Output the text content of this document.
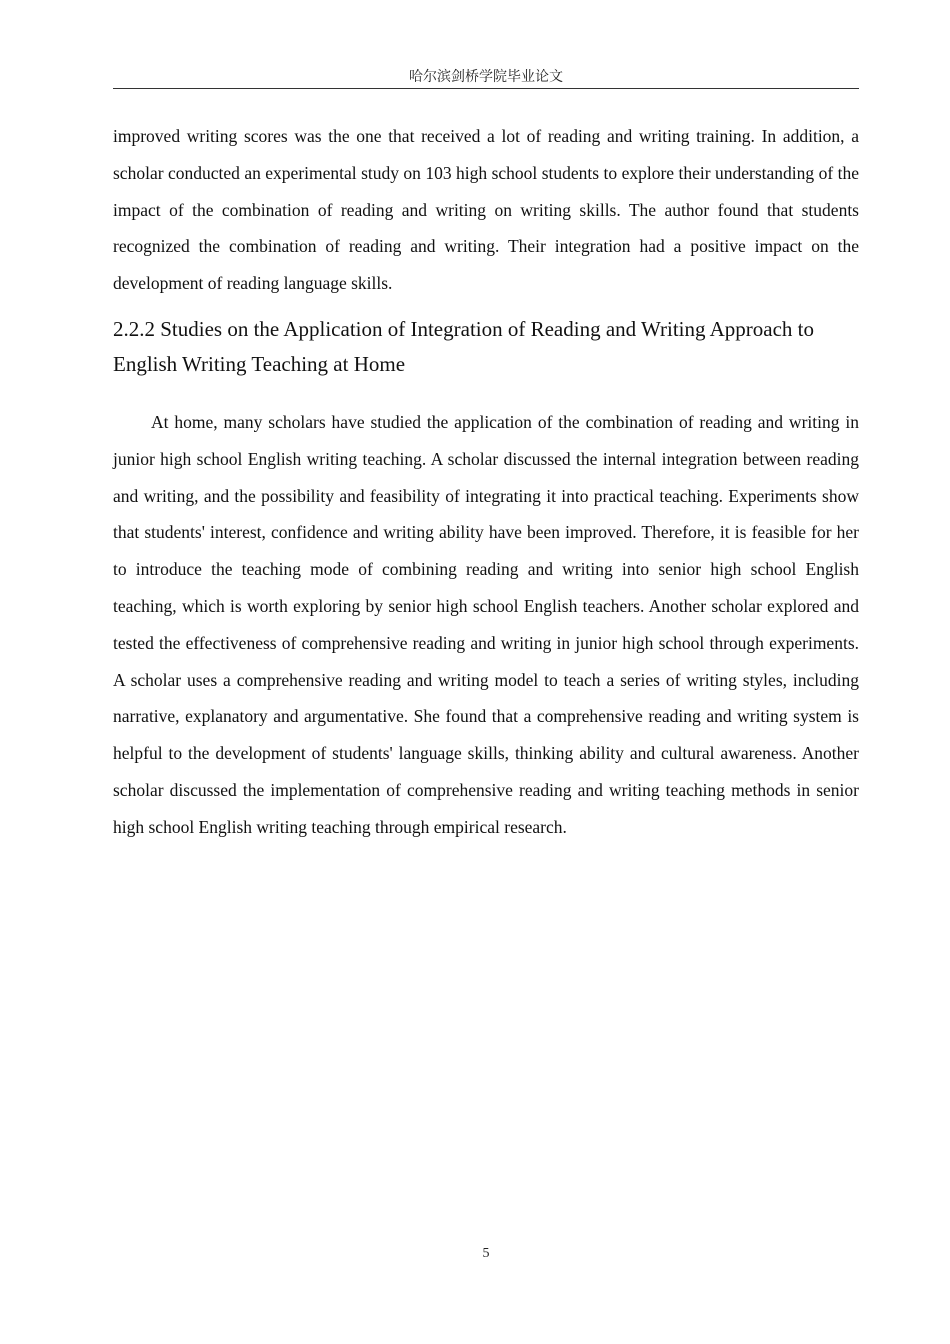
哈尔滨剑桥学院毕业论文

improved writing scores was the one that received a lot of reading and writing training. In addition, a scholar conducted an experimental study on 103 high school students to explore their understanding of the impact of the combination of reading and writing on writing skills. The author found that students recognized the combination of reading and writing. Their integration had a positive impact on the development of reading language skills.

2.2.2 Studies on the Application of Integration of Reading and Writing Approach to English Writing Teaching at Home

At home, many scholars have studied the application of the combination of reading and writing in junior high school English writing teaching. A scholar discussed the internal integration between reading and writing, and the possibility and feasibility of integrating it into practical teaching. Experiments show that students' interest, confidence and writing ability have been improved. Therefore, it is feasible for her to introduce the teaching mode of combining reading and writing into senior high school English teaching, which is worth exploring by senior high school English teachers. Another scholar explored and tested the effectiveness of comprehensive reading and writing in junior high school through experiments. A scholar uses a comprehensive reading and writing model to teach a series of writing styles, including narrative, explanatory and argumentative. She found that a comprehensive reading and writing system is helpful to the development of students' language skills, thinking ability and cultural awareness. Another scholar discussed the implementation of comprehensive reading and writing teaching methods in senior high school English writing teaching through empirical research.

5
